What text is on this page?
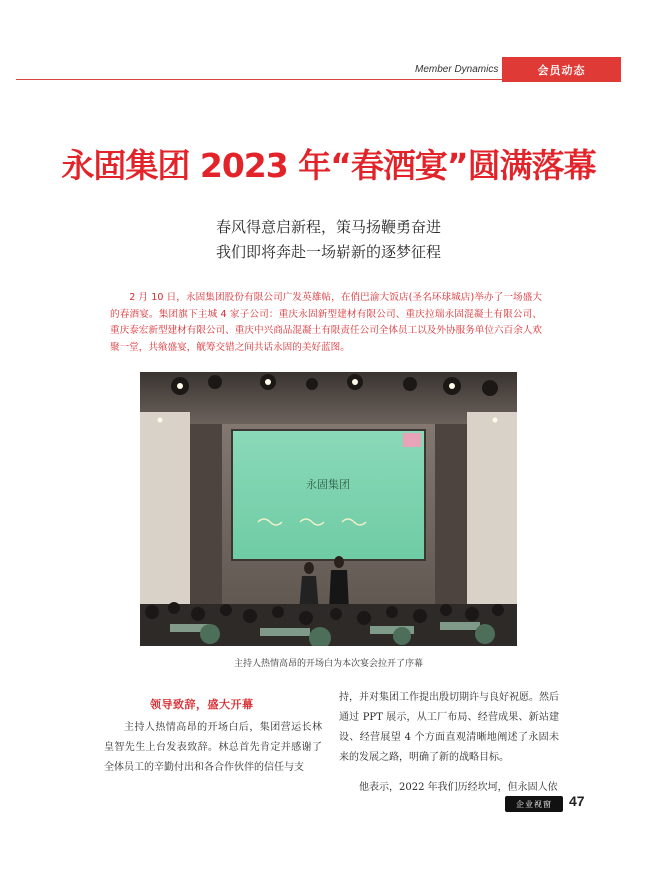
Member Dynamics	会员动态
永固集团 2023 年“春酒宴”圆满落幕
春风得意启新程，策马扬鞭勇奋进
我们即将奔赴一场崭新的逐梦征程

2 月 10 日，永固集团股份有限公司广发英雄帖，在俏巴渝大饭店(圣名环球城店)举办了一场盛大的春酒宴。集团旗下主城 4 家子公司：重庆永固新型建材有限公司、重庆拉瑞永固混凝土有限公司、重庆泰宏新型建材有限公司、重庆中兴商品混凝土有限责任公司全体员工以及外协服务单位六百余人欢聚一堂，共飨盛宴，觥筹交错之间共话永固的美好蓝图。

永固集团
主持人热情高昂的开场白为本次宴会拉开了序幕
领导致辞，盛大开幕

主持人热情高昂的开场白后，集团营运长林皇智先生上台发表致辞。林总首先肯定并感谢了全体员工的辛勤付出和各合作伙伴的信任与支

持，并对集团工作提出殷切期许与良好祝愿。然后通过 PPT 展示，从工厂布局、经营成果、新站建设、经营展望 4 个方面直观清晰地阐述了永固未来的发展之路，明确了新的战略目标。

他表示，2022 年我们历经坎坷，但永固人依

企业视窗	47
